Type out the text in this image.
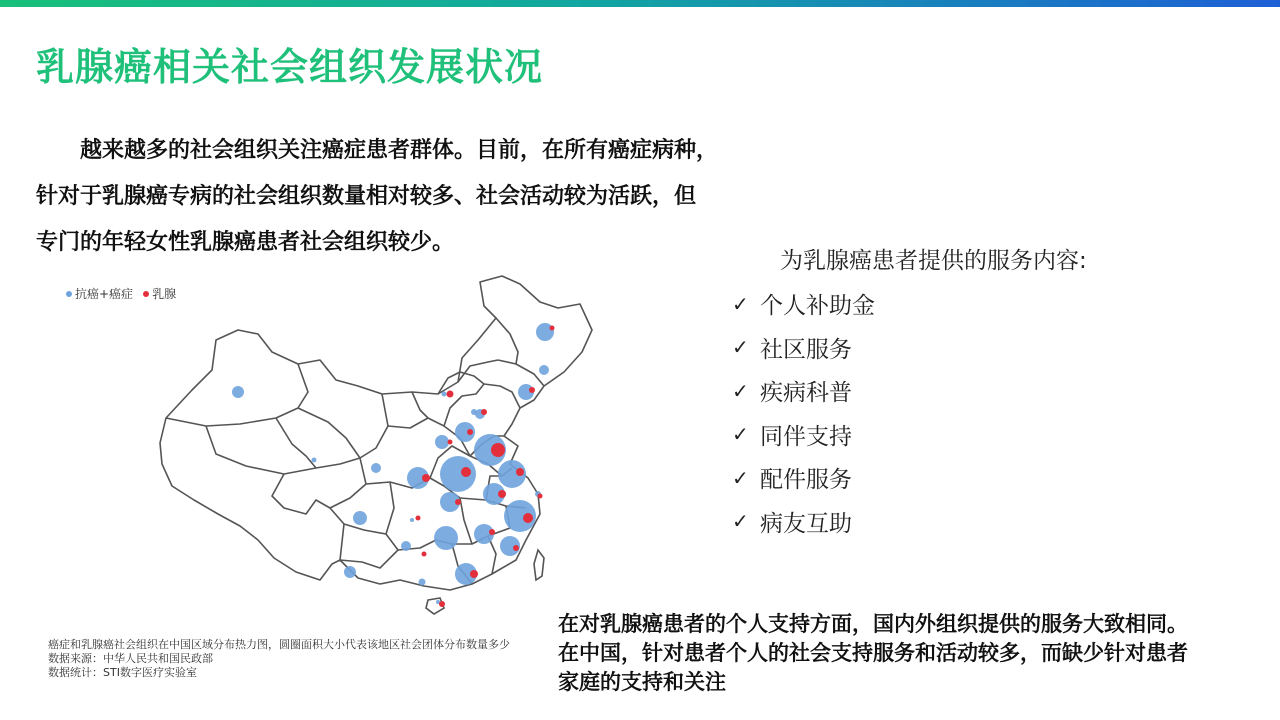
乳腺癌相关社会组织发展状况
越来越多的社会组织关注癌症患者群体。目前，在所有癌症病种，
针对于乳腺癌专病的社会组织数量相对较多、社会活动较为活跃，但
专门的年轻女性乳腺癌患者社会组织较少。
抗癌+癌症 乳腺
癌症和乳腺癌社会组织在中国区域分布热力图，圆圈面积大小代表该地区社会团体分布数量多少
数据来源：中华人民共和国民政部
数据统计：STI数字医疗实验室
为乳腺癌患者提供的服务内容:
✓ 个人补助金
✓ 社区服务
✓ 疾病科普
✓ 同伴支持
✓ 配件服务
✓ 病友互助
在对乳腺癌患者的个人支持方面，国内外组织提供的服务大致相同。
在中国，针对患者个人的社会支持服务和活动较多，而缺少针对患者
家庭的支持和关注
